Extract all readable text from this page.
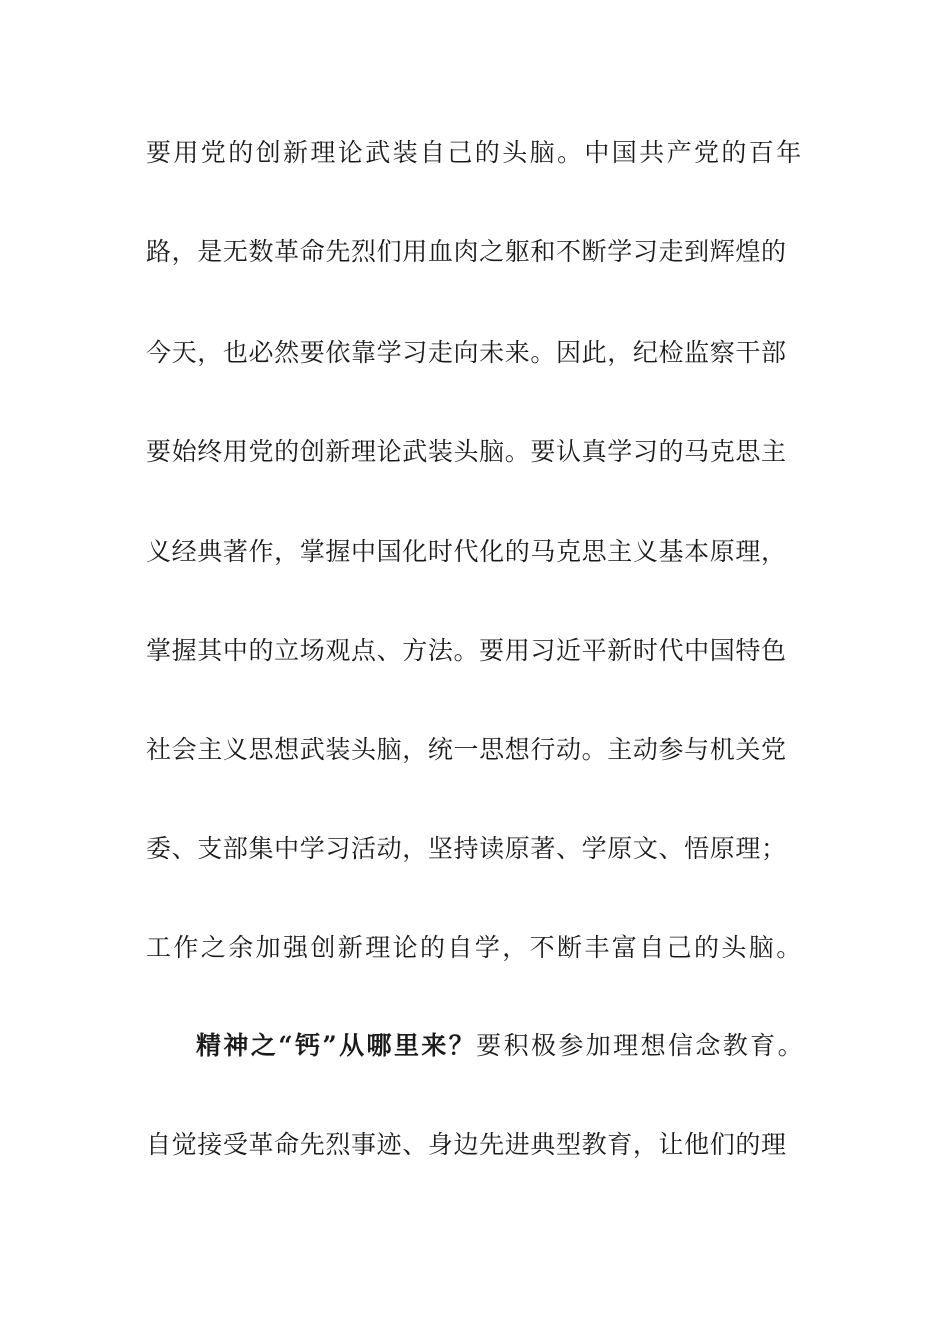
要用党的创新理论武装自己的头脑。中国共产党的百年
路，是无数革命先烈们用血肉之躯和不断学习走到辉煌的
今天，也必然要依靠学习走向未来。因此，纪检监察干部
要始终用党的创新理论武装头脑。要认真学习的马克思主
义经典著作，掌握中国化时代化的马克思主义基本原理，
掌握其中的立场观点、方法。要用习近平新时代中国特色
社会主义思想武装头脑，统一思想行动。主动参与机关党
委、支部集中学习活动，坚持读原著、学原文、悟原理；
工作之余加强创新理论的自学，不断丰富自己的头脑。
精神之“钙”从哪里来？要积极参加理想信念教育。
自觉接受革命先烈事迹、身边先进典型教育，让他们的理
